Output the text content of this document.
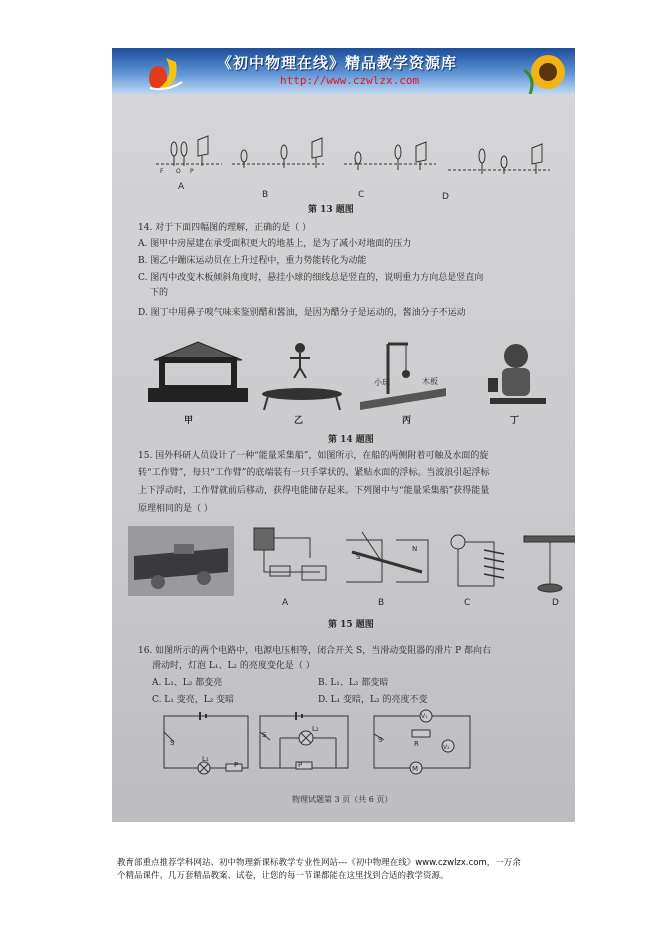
《初中物理在线》精品教学资源库
http://www.czwlzx.com
F O P
A
B	C	D
第 13 题图
14. 对于下面四幅图的理解，正确的是（ ）
A. 图甲中房屋建在承受面积更大的地基上，是为了减小对地面的压力
B. 图乙中蹦床运动员在上升过程中，重力势能转化为动能
C. 图丙中改变木板倾斜角度时，悬挂小球的细线总是竖直的，说明重力方向总是竖直向
下的
D. 图丁中用鼻子嗅气味来鉴别醋和酱油，是因为醋分子是运动的，酱油分子不运动
小球	木板
甲	乙	丙	丁
第 14 题图
15. 国外科研人员设计了一种“能量采集船”，如图所示，在船的两侧附着可触及水面的旋
转“工作臂”，每只“工作臂”的底端装有一只手掌状的、紧贴水面的浮标。当波浪引起浮标
上下浮动时，工作臂就前后移动，获得电能储存起来。下列图中与“能量采集船”获得能量
原理相同的是（ ）
S
N
A	B	C	D
第 15 题图
16. 如图所示的两个电路中，电源电压相等，闭合开关 S，当滑动变阻器的滑片 P 都向右
滑动时，灯泡 L₁、L₂ 的亮度变化是（ ）
A. L₁、L₂ 都变亮	B. L₁、L₂ 都变暗
C. L₁ 变亮，L₂ 变暗	D. L₁ 变暗，L₂ 的亮度不变
S
L₁
P
S
L₂
P
V₁
S	R	V₂
M
物理试题第 3 页（共 6 页）
教育部重点推荐学科网站、初中物理新课标教学专业性网站---《初中物理在线》www.czwlzx.com，一万余
个精品课件、几万套精品教案、试卷，让您的每一节课都能在这里找到合适的教学资源。
